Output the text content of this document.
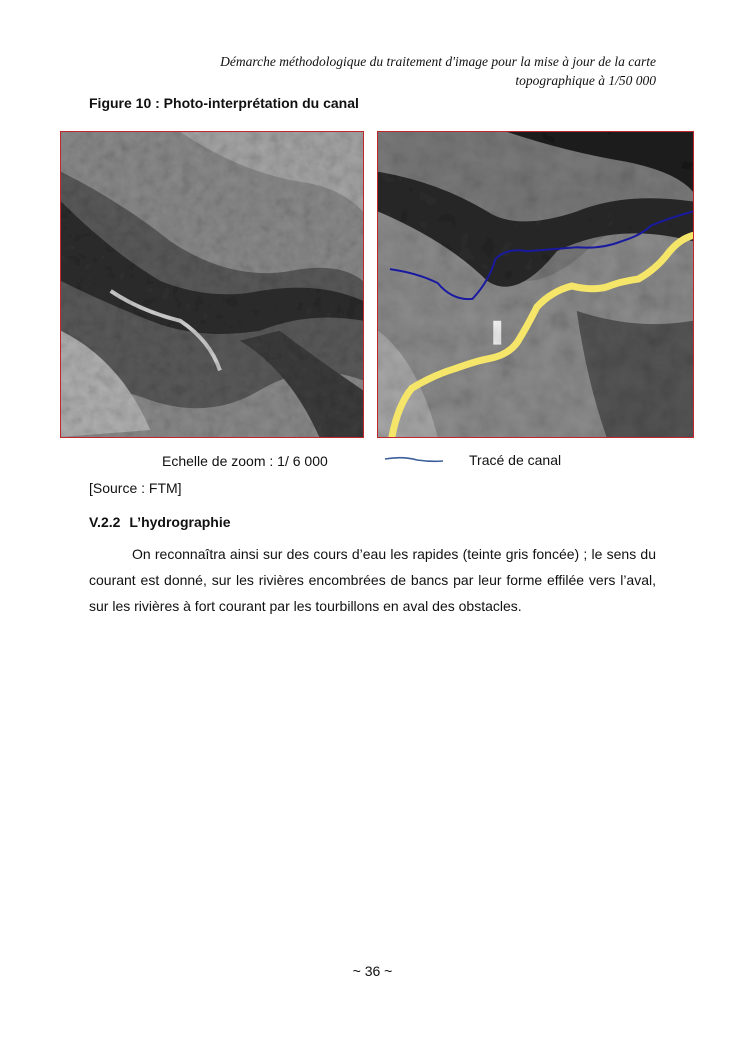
Démarche méthodologique du traitement d'image pour la mise à jour de la carte
topographique à 1/50 000
Figure 10 : Photo-interprétation du canal
Echelle de zoom : 1/ 6 000	Tracé de canal
[Source : FTM]
V.2.2 L’hydrographie

On reconnaîtra ainsi sur des cours d’eau les rapides (teinte gris foncée) ; le sens du courant est donné, sur les rivières encombrées de bancs par leur forme effilée vers l’aval, sur les rivières à fort courant par les tourbillons en aval des obstacles.

~ 36 ~
